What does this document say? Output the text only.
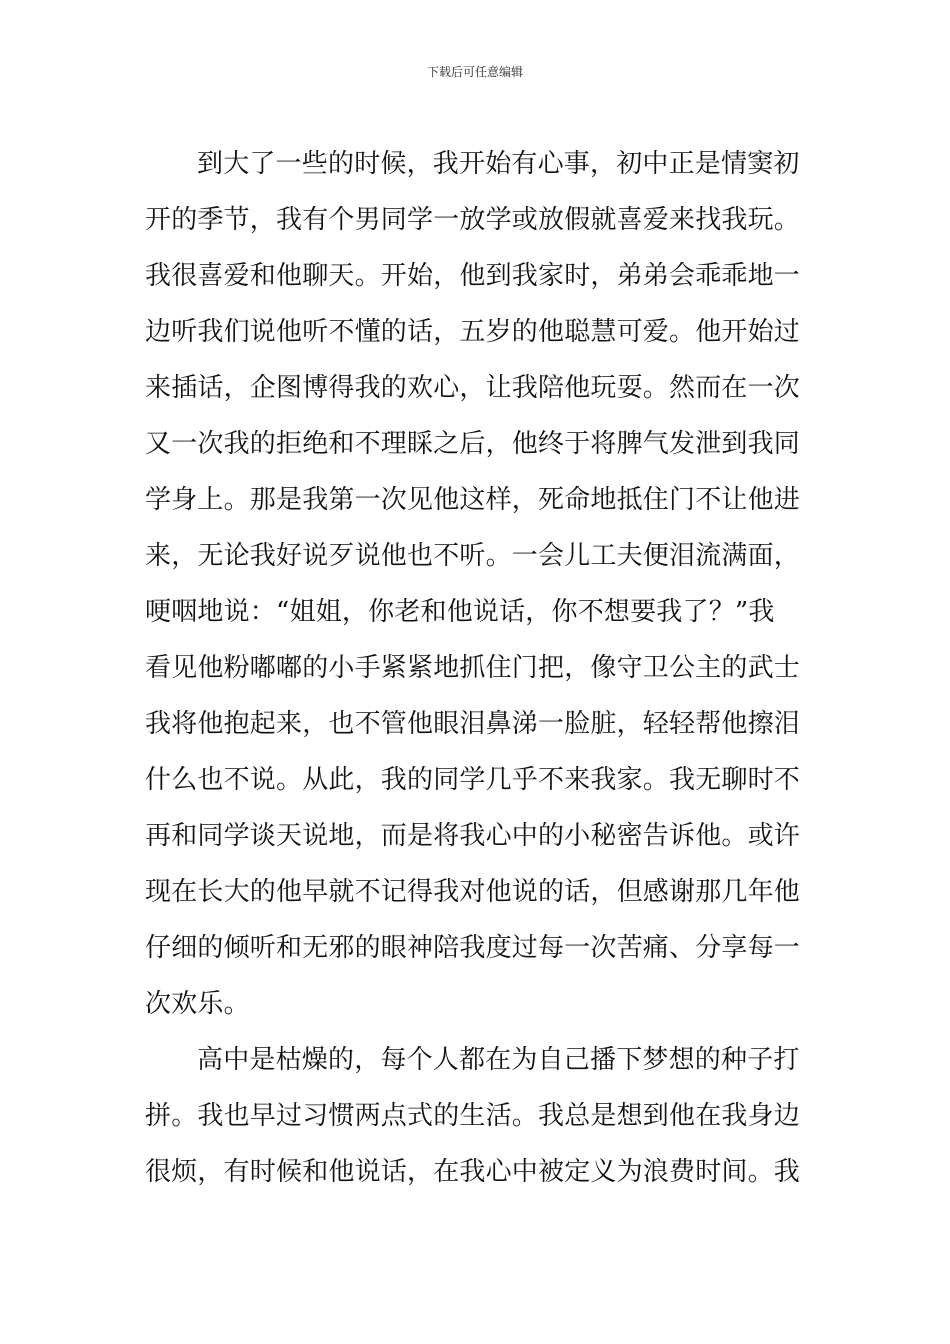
下载后可任意编辑
到大了一些的时候，我开始有心事，初中正是情窦初
开的季节，我有个男同学一放学或放假就喜爱来找我玩。
我很喜爱和他聊天。开始，他到我家时，弟弟会乖乖地一
边听我们说他听不懂的话，五岁的他聪慧可爱。他开始过
来插话，企图博得我的欢心，让我陪他玩耍。然而在一次
又一次我的拒绝和不理睬之后，他终于将脾气发泄到我同
学身上。那是我第一次见他这样，死命地抵住门不让他进
来，无论我好说歹说他也不听。一会儿工夫便泪流满面，
哽咽地说：“姐姐，你老和他说话，你不想要我了？”我
看见他粉嘟嘟的小手紧紧地抓住门把，像守卫公主的武士
我将他抱起来，也不管他眼泪鼻涕一脸脏，轻轻帮他擦泪
什么也不说。从此，我的同学几乎不来我家。我无聊时不
再和同学谈天说地，而是将我心中的小秘密告诉他。或许
现在长大的他早就不记得我对他说的话，但感谢那几年他
仔细的倾听和无邪的眼神陪我度过每一次苦痛、分享每一
次欢乐。
高中是枯燥的，每个人都在为自己播下梦想的种子打
拼。我也早过习惯两点式的生活。我总是想到他在我身边
很烦，有时候和他说话，在我心中被定义为浪费时间。我
